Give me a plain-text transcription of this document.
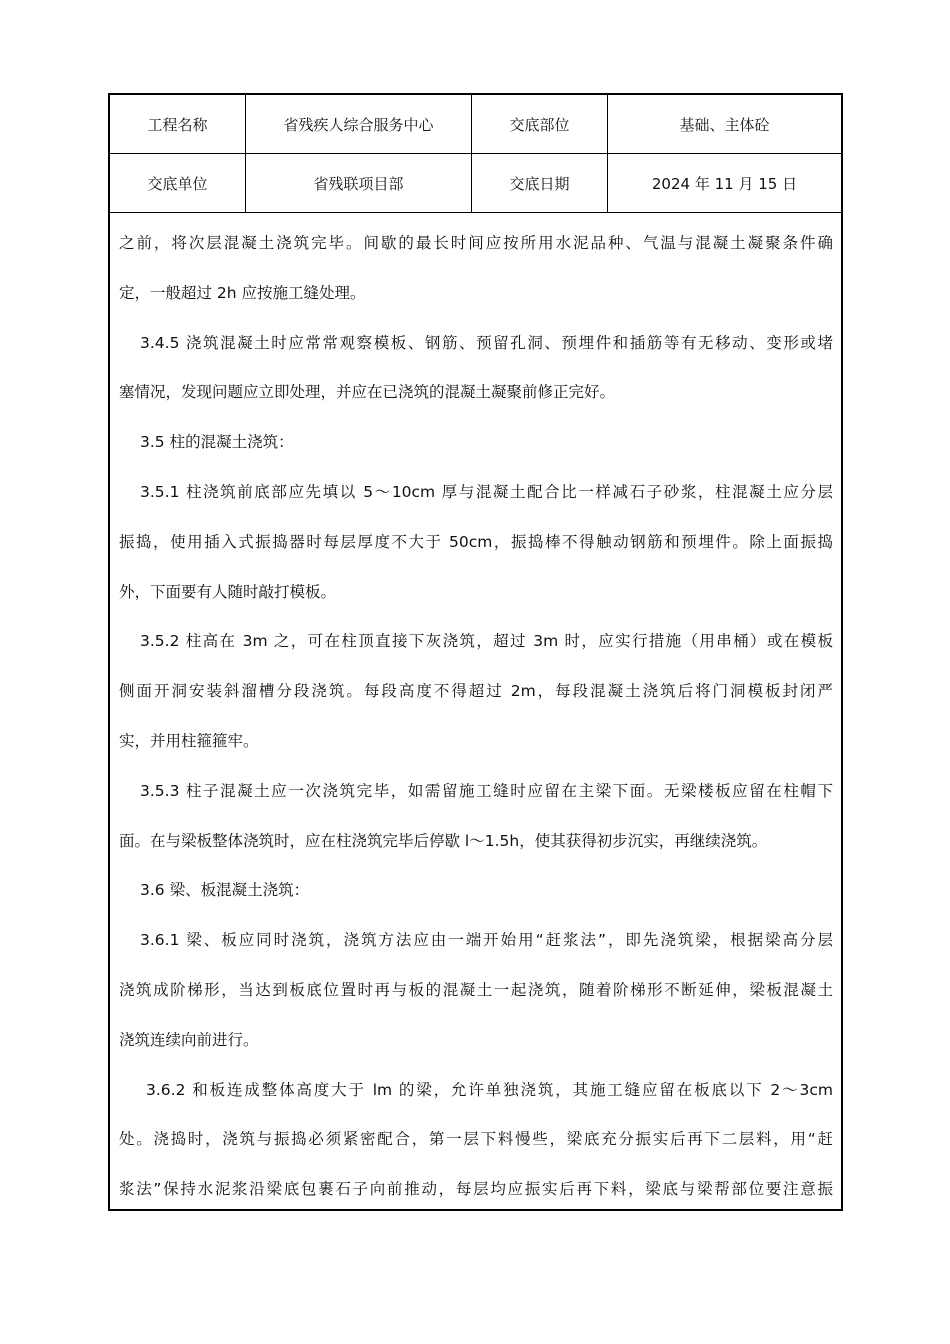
工程名称	省残疾人综合服务中心	交底部位	基础、主体砼
交底单位	省残联项目部	交底日期	2024 年 11 月 15 日
之前，将次层混凝土浇筑完毕。间歇的最长时间应按所用水泥品种、气温与混凝土凝聚条件确
定，一般超过 2h 应按施工缝处理。
3.4.5 浇筑混凝土时应常常观察模板、钢筋、预留孔洞、预埋件和插筋等有无移动、变形或堵
塞情况，发现问题应立即处理，并应在已浇筑的混凝土凝聚前修正完好。
3.5 柱的混凝土浇筑：
3.5.1 柱浇筑前底部应先填以 5～10cm 厚与混凝土配合比一样减石子砂浆，柱混凝土应分层
振捣，使用插入式振捣器时每层厚度不大于 50cm，振捣棒不得触动钢筋和预埋件。除上面振捣
外，下面要有人随时敲打模板。
3.5.2 柱高在 3m 之，可在柱顶直接下灰浇筑，超过 3m 时，应实行措施（用串桶）或在模板
侧面开洞安装斜溜槽分段浇筑。每段高度不得超过 2m，每段混凝土浇筑后将门洞模板封闭严
实，并用柱箍箍牢。
3.5.3 柱子混凝土应一次浇筑完毕，如需留施工缝时应留在主梁下面。无梁楼板应留在柱帽下
面。在与梁板整体浇筑时，应在柱浇筑完毕后停歇 l～1.5h，使其获得初步沉实，再继续浇筑。
3.6 梁、板混凝土浇筑：
3.6.1 梁、板应同时浇筑，浇筑方法应由一端开始用“赶浆法”，即先浇筑梁，根据梁高分层
浇筑成阶梯形，当达到板底位置时再与板的混凝土一起浇筑，随着阶梯形不断延伸，梁板混凝土
浇筑连续向前进行。
3.6.2 和板连成整体高度大于 lm 的梁，允许单独浇筑，其施工缝应留在板底以下 2～3cm
处。浇捣时，浇筑与振捣必须紧密配合，第一层下料慢些，梁底充分振实后再下二层料，用“赶
浆法”保持水泥浆沿梁底包裹石子向前推动，每层均应振实后再下料，梁底与梁帮部位要注意振
